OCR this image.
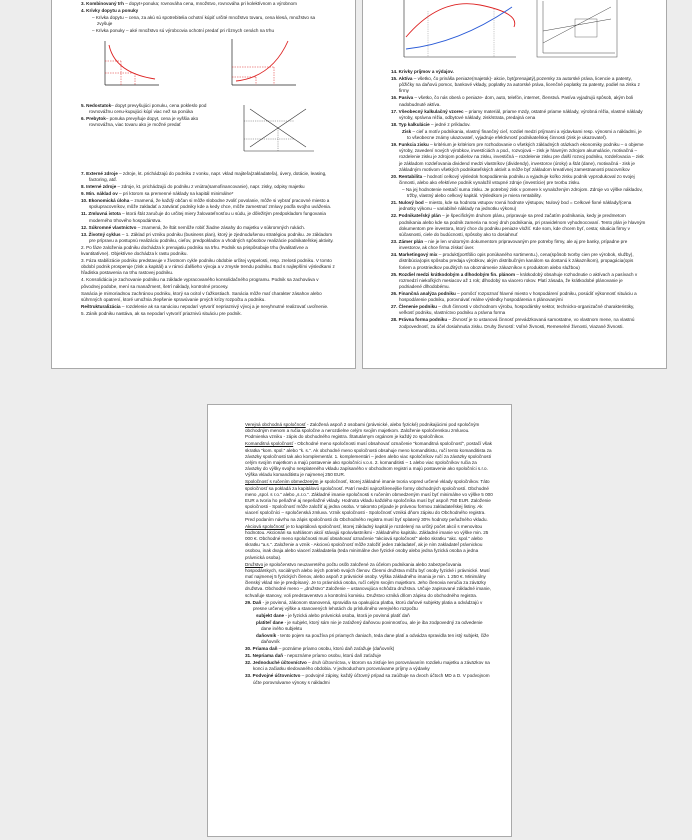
3. Kombinovaný trh – dopyt+ponuka; rovnováha cena, množstvo, rovnováha pri kolektívnom a výrobnom

4. Krivky dopytu a ponuky

– Krivka dopytu – cena, za akú sú spotrebitelia ochotní kúpiť určité množstvo tovaru, cena klesá, množstvo sa zvyšuje

– Krivka ponuky – aké množstvo sú výrobcovia ochotní predať pri rôznych cenách na trhu

5. Nedostatok– dopyt prevyšujúci ponuku, cena pokleslo pod rovnovážnu cenu-kupujúci kúpí viac než sa ponúka

6. Prebytok– ponuka prevyšuje dopyt, cena je vyššia ako rovnovážna, viac tovaru ako je možné predať

7. Externé zdroje – zdroje, kt. prichádzajú do podniku z vonku, napr. vklad majiteľa(zakladateľa), úvery, dotácie, leasing, factoring, atď.

8. Interné zdroje – zdroje, kt. prichádzajú do podniku z vnútra(samofinancovanie), napr. zisky, odpisy majetku

9. Min. náklad ov – pri ktorom sa premenné náklady na kapitál minimálne*

10. Ekonomická úloha – znamená, že každý občan si môže slobodne zvoliť povolanie, môže si vybrať pracovné miesto a spolupracovníkov, môže zakladať a zatvárať podniky kde a kedy chce, môže zamestnať zmluvy podľa svojho uváženia.

11. Zmluvná istota – ktorá štát zaručuje do určitej miery žalovateľnosťou u súdu, je dôležitým predpokladom fungovania moderného trhového hospodárstva.

12. Súkromné vlastníctvo – znamená, že štát nemôže robiť žiadne zásahy do majetku v súkromných rukách.

13. Životný cyklus – 1. Základ pri vzniku podniku (business plan), ktorý je zjednodušenou stratégiou podniku. Je základom pre prípravu a postupnú realizáciu podniku, cieľov, predpokladov a vhodných spôsobov realizácie podnikateľskej aktivity.

2. Po fáze založenia podniku dochádza k prenajatiu podniku na trhu. Podnik sa prispôsobuje trhu (kvalitatívne a kvantitatívne). Objektívne dochádza k rastu podniku.

3. Fáza stabilizácie podniku predstavuje v životnom cykle podniku obdobie určitej vyspelosti, resp. zrelosti podniku. V tomto období podnik prosperuje (zisk a kapitál) a v rámci ďalšieho vývoja a v zmysle trendu podniku. Bod s najlepšími výsledkami z hľadiska postavenia na trhu rastovej podniku.

4. Konsolidácia je zachovanie podniku na základe vypracovaného konsolidačného programu. Podnik sa zachováva v pôvodnej podobe, mení sa manažment, šetrí náklady, kontrolné procesy.

Sanácia je mimoriadnou zachránou podniku, ktorý sa ocitol v ťažkostiach. Sanácia môže mať charakter zásahov alebo súhrnných opatrení, ktoré umožnia zlepšenie spravúvanie prvých krízy rozpočtu a podniku.

Reštrukturalizácia – rozdelenie ak sa sanáciou nepodarí vytvoriť nepriaznivý vývoj a je nevyhnutné realizovať uvoľnenie.

5. Zánik podniku nastáva, ak sa nepodarí vytvoriť priaznivú situáciu pre podnik.

14. Krivky príjmov a výdajov.

15. Aktíva – všetko, čo prináša peniaze(majetok)- akcie, byt(prenajatý),pozemky za autorské práva, licencie a patenty, pôžičky na daňovú pomoc, bankové vklady, poplatky za autorské práva, licenčné poplatky za patenty, podiel na zisku z firmy

16. Pasíva – všetko, čo nás oberá o peniaze- dom, auto, telefón, internet, členstvá. Pasíva vyjadrujú spôsob, akým boli nadobudnuté aktíva.

17. Všeobecný kalkulačný vzorec – priamy materiál, priame mzdy, ostatné priame náklady, výrobná réžia, vlastné náklady výroby, správna réžia, odbytové náklady, zisk/strata, predajná cena

18. Typ kalkulácie – jedné z príkladov.

Zisk – cieľ a motív podnikania, vlastný finančný cieľ, rozdiel medzi príjmami a výdavkami resp. výnosmi a nákladmi, je to všeobecne známy ukazovateľ, vyjadruje efektívnosť podnikateľskej činnosti (zisk je ukazovateľ).

19. Funkcia zisku – kritérium je kritériom pre rozhodovanie o všetkých základných otázkach ekonomiky podniku – o objeme výroby, zavedení nových výrobkov, investíciách a pod., rozvojová – zisk je hlavným zdrojom akumulácie, motivačná – rozdelenie zisku je zdrojom podielov na zisku, investičná – rozdelenie zisku pre ďalší rozvoj podniku, rozdeľovacia – zisk je základom rozdeľovania dividend medzi vlastníkov (dividendy), investorov (úroky) a štát (dane), motivačná - zisk je základným motívom všetkých podnikateľských aktivít a môže byť základom kreatívnej zamestnanosti pracovníkov

20. Rentabilita – hodnotí celkový výsledok hospodárenia podniku a vyjadruje koľko zisku podnik vyprodukoval zo svojej činnosti, alebo ako efektívne podnik vynaložil vstupné zdroje (investície) pre tvorbu zisku.

– Na jej hodnotenie nestačí suma zisku. Je potrebný zisk v pomere k vynaloženým zdrojom. Zdroje vo výške nákladov, tržby, vlastný alebo celkový kapitál. Výsledkom je miera rentability.

21. Nulový bod – miesto, kde sa hodnota vstupov rovná hodnote výstupov, Nulový bod = Celkové fixné náklady/(cena jednotky výkonu – variabilné náklady na jednotku výkonu)

22. Podnikateľský plán – je špecifickým druhom plánu, pripravuje sa pred začatím podnikania, kedy je predmetom podnikania alebo kde sa podnik zameria na nový druh podnikania, pri pravidelnom vyhodnocovaní. Tento plán je hlavným dokumentom pre investora, ktorý chce do podniku peniaze vložiť. Kde som, kde chcem byť, cesta; situácia firmy v súčasnosti, ciele do budúcnosti, spôsoby ako to dosiahnuť

23. Zámer plán – nie je len vnútorným dokumentom pripravovaným pre potreby firmy, ale aj pre banky, prípadne pre investorov, ak chce firma získať úver.

24. Marketingový mix – produkt(portfólio opis ponúkaného sortimentu.), cena(spôsob tvorby cien pre výrobok, služby), distribúcia(opis spôsobu predaja výrobkov, akým distribučným kanálom sa dostanú k zákazníkom), propagácia(opis foriem a prostriedkov použitých na oboznámenie zákazníkov s produktom alebo službou)

25. Rozdiel medzi krátkodobým a dlhodobým fin. plánom – krátkodobý obsahuje rozhodnutie o aktívach a pasívach v rozmedzí niekoľkých mesiacov až 1 rok; dlhodobý na viacero rokov. Platí zásada, že krátkodobé plánovanie je podriadené dlhodobému.

26. Finančná analýza podniku – pomôcť rozpoznať hlavné miesto v hospodárení podniku, posúdiť výkonnosť situáciu a hospodárenie podniku, porovnávať reálne výsledky hospodárenia s plánovanými

27. Členenie podniku – druh činnosti v obchodnom výrobu, hospodársky sektor, technicko-organizačné charakteristiky, veľkosť podniku, vlastníctvo podniku a právna forma

28. Právna forma podniku – Živnosť je to ustanová činnosť prevádzkovaná samostatne, vo vlastnom mene, na vlastnú zodpovednosť, za účel dosiahnutia zisku. Druhy živností: Voľné živnosti, Remeselné živnosti, Viazané živnosti.

Verejná obchodná spoločnosť - Založená aspoň 2 osobami (právnické, alebo fyzické) podnikajúcimi pod spoločným obchodným menom a ručia spoločne a nerozdielne celým svojím majetkom. Založenie spoločenskou zmluvou. Podmienka vzniku - zápis do obchodného registra. Štatutárnym orgánom je každý zo spoločníkov.

Komanditná spoločnosť - Obchodné meno spoločnosti musí obsahovať označenie "komanditná spoločnosť", postačí však skratka "kom. spol." alebo "k. s.". Ak obchodné meno spoločnosti obsahuje meno komanditistu, ručí tento komanditista za záväzky spoločnosti tak ako komplementár. 1. komplementári – jeden alebo viac spoločníkov ručí za záväzky spoločnosti celým svojím majetkom a majú postavenie ako spoločníci v.o.s. 2. komanditisti – 1 alebo viac spoločníkov ručia za záväzky do výšky svojho nesplateného vkladu zapísaného v obchodnom registri a majú postavenie ako spoločníci s.r.o. Výška vkladu komanditistu je najmenej 250 EUR.

Spoločnosť s ručením obmedzeným je spoločnosť, ktorej základné imanie tvoria vopred určené vklady spoločníkov. Táto spoločnosť sa pokladá za kapitálovú spoločnosť. Patrí medzi najrozšírenejšie formy obchodných spoločností. Obchodné meno „spol. s r.o." alebo „s.r.o.". Základné imanie spoločnosti s ručením obmedzeným musí byť minimálne vo výške 5 000 EUR a tvoria ho peňažné aj nepeňažné vklady. Hodnota vkladu každého spoločníka musí byť aspoň 750 EUR. Založenie spoločnosti - Spoločnosť môže založiť aj jedna osoba. V takomto prípade je právnou formou zakladateľskej listiny. Ak viacerí spoločníci – spoločenská zmluva. Vznik spoločnosti - Spoločnosť vzniká dňom zápisu do Obchodného registra. Pred podaním návrhu na zápis spoločnosti do Obchodného registra musí byť splatený 30% hodnoty peňažného vkladu.

Akciová spoločnosť je to kapitálová spoločnosť, ktorej základný kapitál je rozdelený na určitý počet akcií s menovitou hodnotou. Akcionári sa nahlásom akcií stávajú spoluvlastníkmi - základného kapitálu. Základné imanie vo výške min. 25 000 €. Obchodné meno spoločnosti musí obsahovať označenie "akciová spoločnosť" alebo skratku "akc. spol." alebo skratku "a.s.". Založenie a vznik - Akciovú spoločnosť môže založiť jeden zakladateľ, ak je ním zakladateľ právnickou osobou, inak dvaja alebo viacerí zakladatelia (teda minimálne dve fyzické osoby alebo jedna fyzická osoba a jedna právnická osoba).

Družstvo je spoločenstvo neuzavretého počtu osôb založené za účelom podnikania alebo zabezpečovania hospodárskych, sociálnych alebo iných potrieb svojich členov. Členmi družstva môžu byť osoby fyzické i právnické. Musí mať najmenej 5 fyzických členov, alebo aspoň 2 právnické osoby. Výška základného imania je min. 1 250 €. Minimálny členský vklad nie je predpísaný. Je to právnická osoba, ručí celým svojím majetkom. Jeho členovia neručia za záväzky družstva. Obchodné meno – „družstvo" Založenie – ustanovujúca schôdza družstva. Určuje zapisované základné imanie, schvaľuje stanovy, voli predstavenstvo a kontrolnú komisiu. Družstvo vzniká dňom zápisu do obchodného registra.

29. Daň - je povinná, zákonom stanovená, spravidla sa opakujúca platba, ktorú daňové subjekty platia a odvádzajú v presne určenej výške a stanovených lehotách do príslušného verejného rozpočtu

subjekt dane - je fyzická alebo právnická osoba, ktorá je povinná platiť daň

platiteľ dane - je subjekt, ktorý sám nie je zaťažený daňovou povinnosťou, ale je iba zodpovedný za odvedenie dane iného subjektu

daňovník - tento pojem sa používa pri priamych daniach, teda dane platí a odvádza spravidla ten istý subjekt, čiže daňovník

30. Priama daň – poznáme príamo osobu, ktorú daň zaťažuje (daňovník)

31. Nepriama daň - nepoznáme príamo osobu, ktorú daň zaťažuje

32. Jednoduché účtovníctvo – druh účtovníctva, v ktorom sa zisťuje len porovnávaním rozdielu majetku a záväzkov na konci a začiatku sledovaného obdobia. V jednoduchom porovnávame príjmy a výdavky

33. Podvojné účtovníctvo – podvojné zápisy, každý účtovný prípad sa zaúčtuje na dvoch účtoch MD a D. V podvojnom účte porovnávame výnosy s nákladmi
